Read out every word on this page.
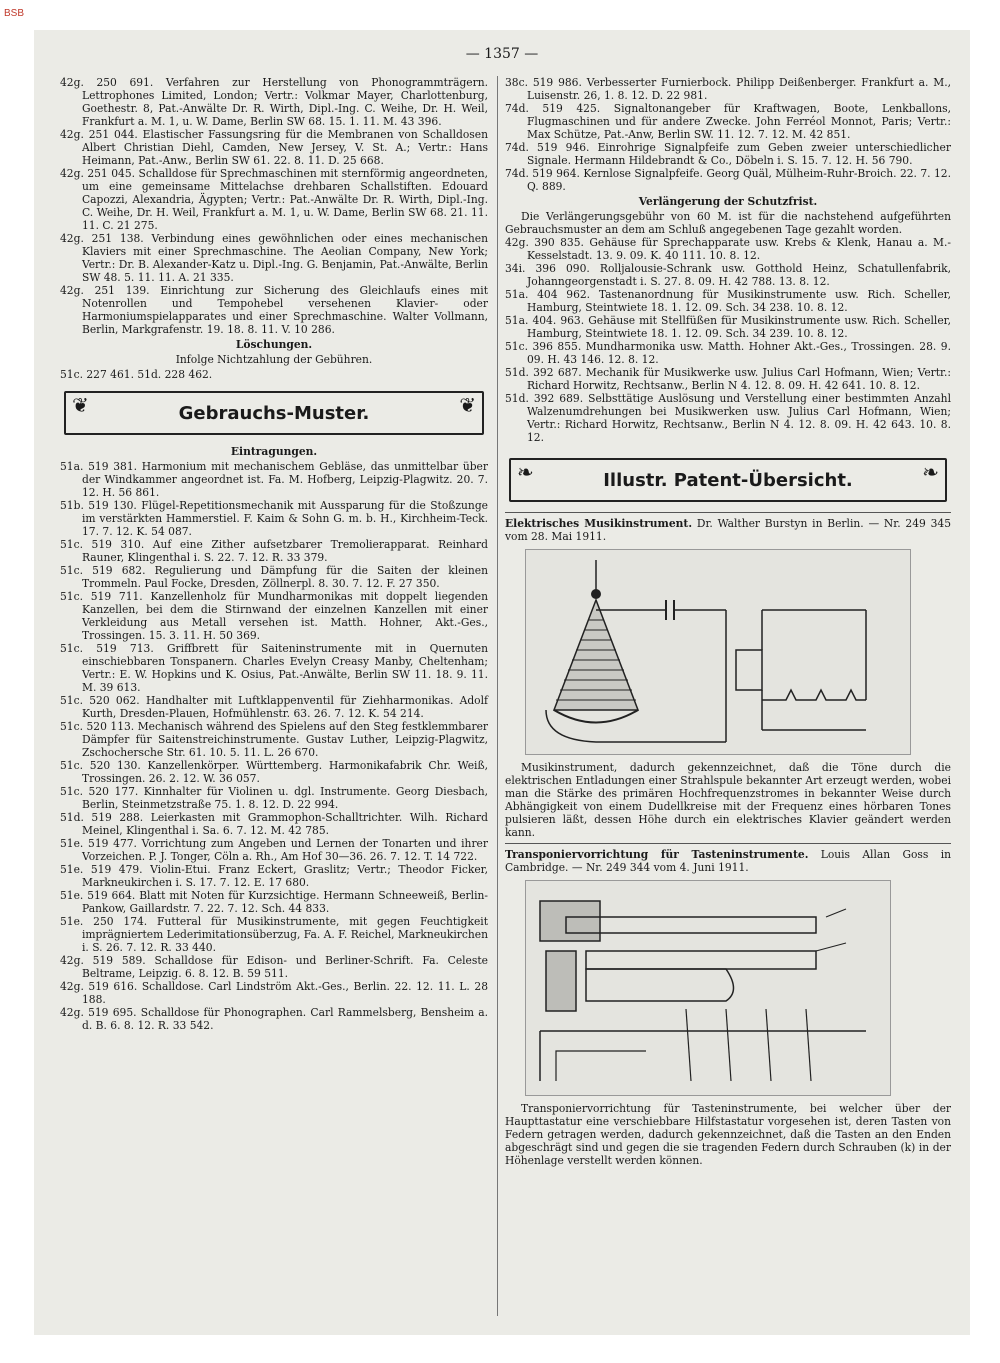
BSB
— 1357 —

42g. 250 691. Verfahren zur Herstellung von Phonogrammträgern. Lettrophones Limited, London; Vertr.: Volkmar Mayer, Charlottenburg, Goethestr. 8, Pat.-Anwälte Dr. R. Wirth, Dipl.-Ing. C. Weihe, Dr. H. Weil, Frankfurt a. M. 1, u. W. Dame, Berlin SW 68. 15. 1. 11. M. 43 396.

42g. 251 044. Elastischer Fassungsring für die Membranen von Schalldosen Albert Christian Diehl, Camden, New Jersey, V. St. A.; Vertr.: Hans Heimann, Pat.-Anw., Berlin SW 61. 22. 8. 11. D. 25 668.

42g. 251 045. Schalldose für Sprechmaschinen mit sternförmig angeordneten, um eine gemeinsame Mittelachse drehbaren Schallstiften. Edouard Capozzi, Alexandria, Ägypten; Vertr.: Pat.-Anwälte Dr. R. Wirth, Dipl.-Ing. C. Weihe, Dr. H. Weil, Frankfurt a. M. 1, u. W. Dame, Berlin SW 68. 21. 11. 11. C. 21 275.

42g. 251 138. Verbindung eines gewöhnlichen oder eines mechanischen Klaviers mit einer Sprechmaschine. The Aeolian Company, New York; Vertr.: Dr. B. Alexander-Katz u. Dipl.-Ing. G. Benjamin, Pat.-Anwälte, Berlin SW 48. 5. 11. 11. A. 21 335.

42g. 251 139. Einrichtung zur Sicherung des Gleichlaufs eines mit Notenrollen und Tempohebel versehenen Klavier- oder Harmoniumspielapparates und einer Sprechmaschine. Walter Vollmann, Berlin, Markgrafenstr. 19. 18. 8. 11. V. 10 286.

Löschungen.

Infolge Nichtzahlung der Gebühren.

51c. 227 461. 51d. 228 462.

❦	Gebrauchs-Muster.	❦

Eintragungen.

51a. 519 381. Harmonium mit mechanischem Gebläse, das unmittelbar über der Windkammer angeordnet ist. Fa. M. Hofberg, Leipzig-Plagwitz. 20. 7. 12. H. 56 861.

51b. 519 130. Flügel-Repetitionsmechanik mit Aussparung für die Stoßzunge im verstärkten Hammerstiel. F. Kaim & Sohn G. m. b. H., Kirchheim-Teck. 17. 7. 12. K. 54 087.

51c. 519 310. Auf eine Zither aufsetzbarer Tremolierapparat. Reinhard Rauner, Klingenthal i. S. 22. 7. 12. R. 33 379.

51c. 519 682. Regulierung und Dämpfung für die Saiten der kleinen Trommeln. Paul Focke, Dresden, Zöllnerpl. 8. 30. 7. 12. F. 27 350.

51c. 519 711. Kanzellenholz für Mundharmonikas mit doppelt liegenden Kanzellen, bei dem die Stirnwand der einzelnen Kanzellen mit einer Verkleidung aus Metall versehen ist. Matth. Hohner, Akt.-Ges., Trossingen. 15. 3. 11. H. 50 369.

51c. 519 713. Griffbrett für Saiteninstrumente mit in Quernuten einschiebbaren Tonspanern. Charles Evelyn Creasy Manby, Cheltenham; Vertr.: E. W. Hopkins und K. Osius, Pat.-Anwälte, Berlin SW 11. 18. 9. 11. M. 39 613.

51c. 520 062. Handhalter mit Luftklappenventil für Ziehharmonikas. Adolf Kurth, Dresden-Plauen, Hofmühlenstr. 63. 26. 7. 12. K. 54 214.

51c. 520 113. Mechanisch während des Spielens auf den Steg festklemmbarer Dämpfer für Saitenstreichinstrumente. Gustav Luther, Leipzig-Plagwitz, Zschochersche Str. 61. 10. 5. 11. L. 26 670.

51c. 520 130. Kanzellenkörper. Württemberg. Harmonikafabrik Chr. Weiß, Trossingen. 26. 2. 12. W. 36 057.

51c. 520 177. Kinnhalter für Violinen u. dgl. Instrumente. Georg Diesbach, Berlin, Steinmetzstraße 75. 1. 8. 12. D. 22 994.

51d. 519 288. Leierkasten mit Grammophon-Schalltrichter. Wilh. Richard Meinel, Klingenthal i. Sa. 6. 7. 12. M. 42 785.

51e. 519 477. Vorrichtung zum Angeben und Lernen der Tonarten und ihrer Vorzeichen. P. J. Tonger, Cöln a. Rh., Am Hof 30—36. 26. 7. 12. T. 14 722.

51e. 519 479. Violin-Etui. Franz Eckert, Graslitz; Vertr.; Theodor Ficker, Markneukirchen i. S. 17. 7. 12. E. 17 680.

51e. 519 664. Blatt mit Noten für Kurzsichtige. Hermann Schneeweiß, Berlin-Pankow, Gaillardstr. 7. 22. 7. 12. Sch. 44 833.

51e. 250 174. Futteral für Musikinstrumente, mit gegen Feuchtigkeit imprägniertem Lederimitationsüberzug, Fa. A. F. Reichel, Markneukirchen i. S. 26. 7. 12. R. 33 440.

42g. 519 589. Schalldose für Edison- und Berliner-Schrift. Fa. Celeste Beltrame, Leipzig. 6. 8. 12. B. 59 511.

42g. 519 616. Schalldose. Carl Lindström Akt.-Ges., Berlin. 22. 12. 11. L. 28 188.

42g. 519 695. Schalldose für Phonographen. Carl Rammelsberg, Bensheim a. d. B. 6. 8. 12. R. 33 542.

38c. 519 986. Verbesserter Furnierbock. Philipp Deißenberger. Frankfurt a. M., Luisenstr. 26, 1. 8. 12. D. 22 981.

74d. 519 425. Signaltonangeber für Kraftwagen, Boote, Lenkballons, Flugmaschinen und für andere Zwecke. John Ferréol Monnot, Paris; Vertr.: Max Schütze, Pat.-Anw, Berlin SW. 11. 12. 7. 12. M. 42 851.

74d. 519 946. Einrohrige Signalpfeife zum Geben zweier unterschiedlicher Signale. Hermann Hildebrandt & Co., Döbeln i. S. 15. 7. 12. H. 56 790.

74d. 519 964. Kernlose Signalpfeife. Georg Quäl, Mülheim-Ruhr-Broich. 22. 7. 12. Q. 889.

Verlängerung der Schutzfrist.

Die Verlängerungsgebühr von 60 M. ist für die nachstehend aufgeführten Gebrauchsmuster an dem am Schluß angegebenen Tage gezahlt worden.

42g. 390 835. Gehäuse für Sprechapparate usw. Krebs & Klenk, Hanau a. M.-Kesselstadt. 13. 9. 09. K. 40 111. 10. 8. 12.

34i. 396 090. Rolljalousie-Schrank usw. Gotthold Heinz, Schatullenfabrik, Johanngeorgenstadt i. S. 27. 8. 09. H. 42 788. 13. 8. 12.

51a. 404 962. Tastenanordnung für Musikinstrumente usw. Rich. Scheller, Hamburg, Steintwiete 18. 1. 12. 09. Sch. 34 238. 10. 8. 12.

51a. 404. 963. Gehäuse mit Stellfüßen für Musikinstrumente usw. Rich. Scheller, Hamburg, Steintwiete 18. 1. 12. 09. Sch. 34 239. 10. 8. 12.

51c. 396 855. Mundharmonika usw. Matth. Hohner Akt.-Ges., Trossingen. 28. 9. 09. H. 43 146. 12. 8. 12.

51d. 392 687. Mechanik für Musikwerke usw. Julius Carl Hofmann, Wien; Vertr.: Richard Horwitz, Rechtsanw., Berlin N 4. 12. 8. 09. H. 42 641. 10. 8. 12.

51d. 392 689. Selbsttätige Auslösung und Verstellung einer bestimmten Anzahl Walzenumdrehungen bei Musikwerken usw. Julius Carl Hofmann, Wien; Vertr.: Richard Horwitz, Rechtsanw., Berlin N 4. 12. 8. 09. H. 42 643. 10. 8. 12.

❧	Illustr. Patent-Übersicht.	❧

Elektrisches Musikinstrument. Dr. Walther Burstyn in Berlin. — Nr. 249 345 vom 28. Mai 1911.

Musikinstrument, dadurch gekennzeichnet, daß die Töne durch die elektrischen Entladungen einer Strahlspule bekannter Art erzeugt werden, wobei man die Stärke des primären Hochfrequenzstromes in bekannter Weise durch Abhängigkeit von einem Dudellkreise mit der Frequenz eines hörbaren Tones pulsieren läßt, dessen Höhe durch ein elektrisches Klavier geändert werden kann.

Transponiervorrichtung für Tasteninstrumente. Louis Allan Goss in Cambridge. — Nr. 249 344 vom 4. Juni 1911.

Transponiervorrichtung für Tasteninstrumente, bei welcher über der Haupttastatur eine verschiebbare Hilfstastatur vorgesehen ist, deren Tasten von Federn getragen werden, dadurch gekennzeichnet, daß die Tasten an den Enden abgeschrägt sind und gegen die sie tragenden Federn durch Schrauben (k) in der Höhenlage verstellt werden können.
